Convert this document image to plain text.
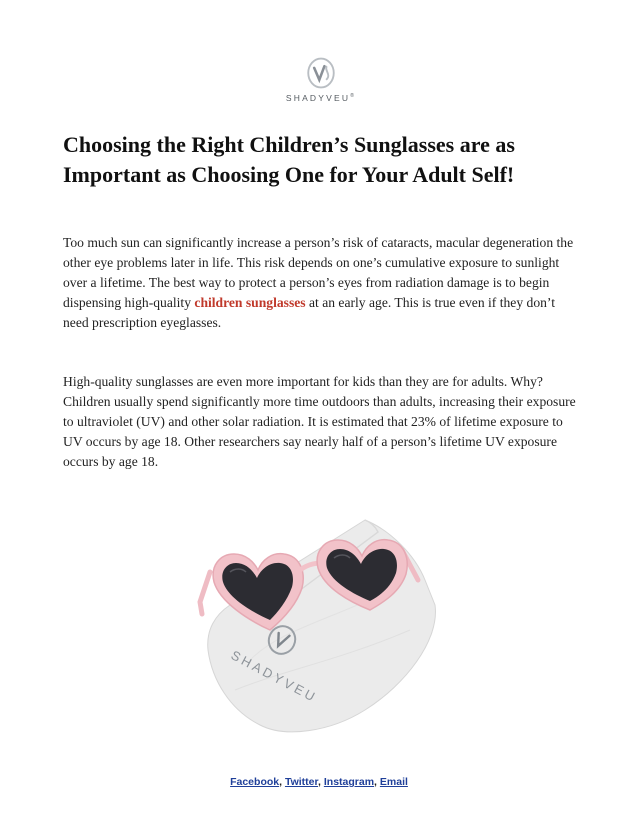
SHADYVEU®
Choosing the Right Children’s Sunglasses are as Important as Choosing One for Your Adult Self!

Too much sun can significantly increase a person’s risk of cataracts, macular degeneration the other eye problems later in life. This risk depends on one’s cumulative exposure to sunlight over a lifetime. The best way to protect a person’s eyes from radiation damage is to begin dispensing high-quality children sunglasses at an early age. This is true even if they don’t need prescription eyeglasses.

High-quality sunglasses are even more important for kids than they are for adults. Why? Children usually spend significantly more time outdoors than adults, increasing their exposure to ultraviolet (UV) and other solar radiation. It is estimated that 23% of lifetime exposure to UV occurs by age 18. Other researchers say nearly half of a person’s lifetime UV exposure occurs by age 18.

SHADYVEU
Facebook, Twitter, Instagram, Email
